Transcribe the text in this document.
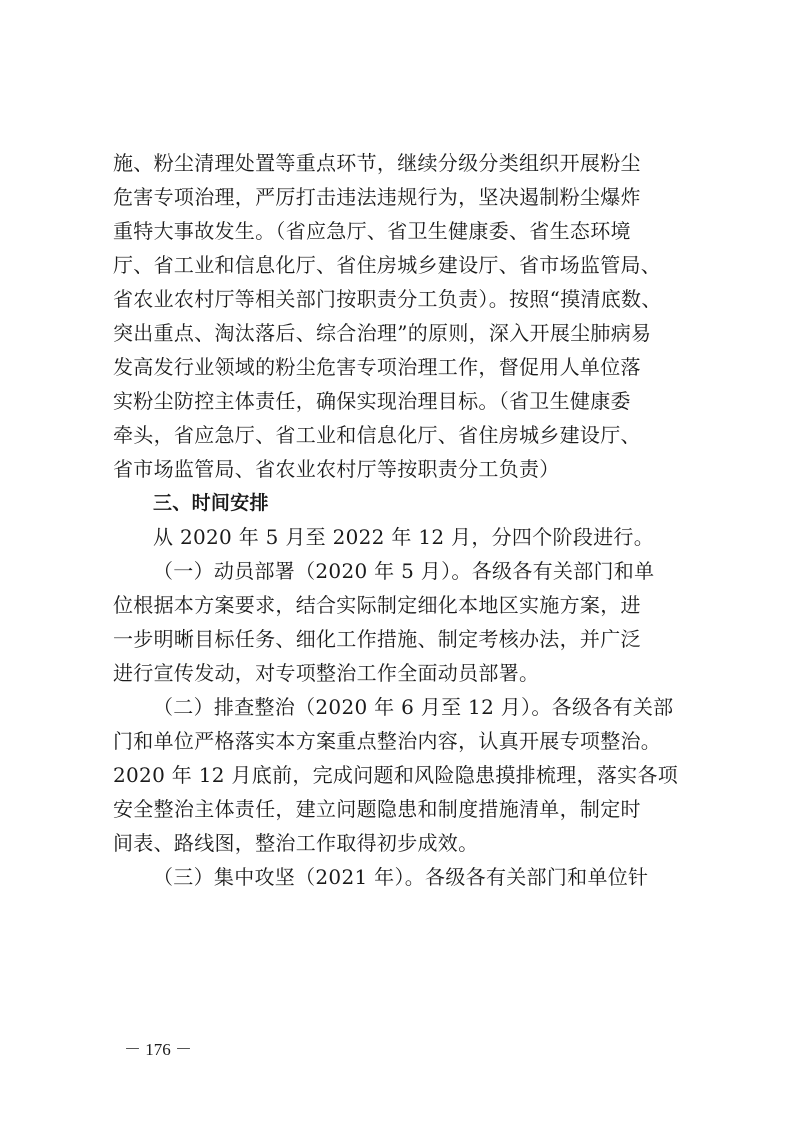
施、粉尘清理处置等重点环节，继续分级分类组织开展粉尘
危害专项治理，严厉打击违法违规行为，坚决遏制粉尘爆炸
重特大事故发生。（省应急厅、省卫生健康委、省生态环境
厅、省工业和信息化厅、省住房城乡建设厅、省市场监管局、
省农业农村厅等相关部门按职责分工负责）。按照“摸清底数、
突出重点、淘汰落后、综合治理”的原则，深入开展尘肺病易
发高发行业领域的粉尘危害专项治理工作，督促用人单位落
实粉尘防控主体责任，确保实现治理目标。（省卫生健康委
牵头，省应急厅、省工业和信息化厅、省住房城乡建设厅、
省市场监管局、省农业农村厅等按职责分工负责）
三、时间安排
从 2020 年 5 月至 2022 年 12 月，分四个阶段进行。
（一）动员部署（2020 年 5 月）。各级各有关部门和单
位根据本方案要求，结合实际制定细化本地区实施方案，进
一步明晰目标任务、细化工作措施、制定考核办法，并广泛
进行宣传发动，对专项整治工作全面动员部署。
（二）排查整治（2020 年 6 月至 12 月）。各级各有关部
门和单位严格落实本方案重点整治内容，认真开展专项整治。
2020 年 12 月底前，完成问题和风险隐患摸排梳理，落实各项
安全整治主体责任，建立问题隐患和制度措施清单，制定时
间表、路线图，整治工作取得初步成效。
（三）集中攻坚（2021 年）。各级各有关部门和单位针
－ 176 －
